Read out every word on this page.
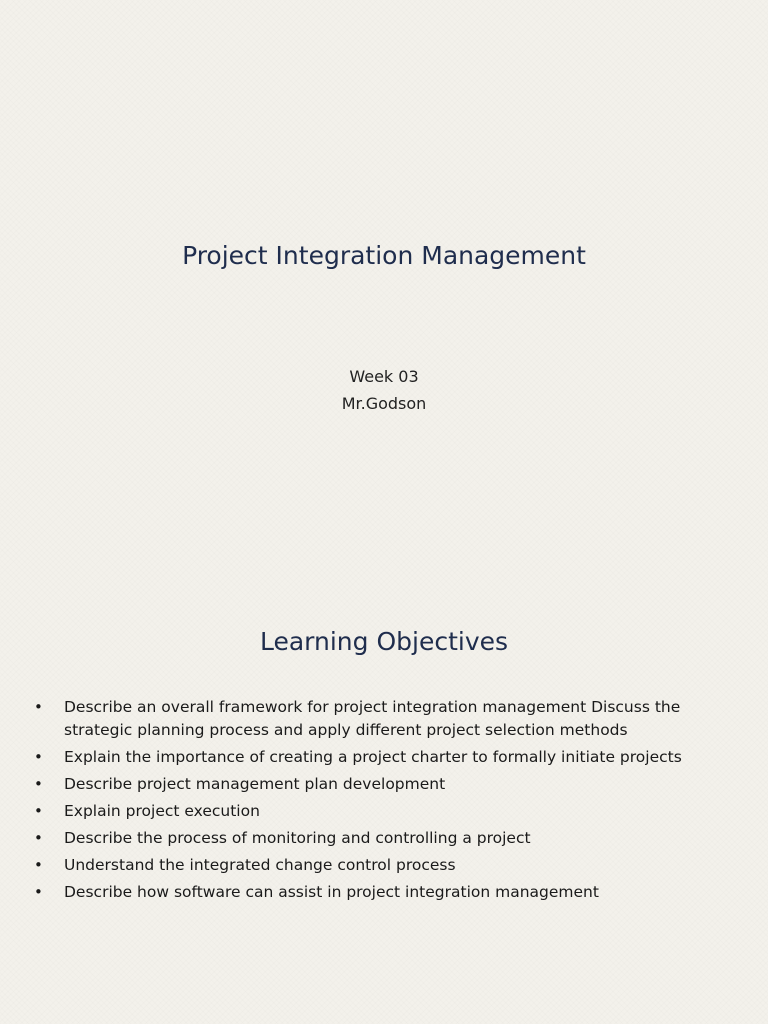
Project Integration Management
Week 03
Mr.Godson
Learning Objectives
• Describe an overall framework for project integration management Discuss the strategic planning process and apply different project selection methods
• Explain the importance of creating a project charter to formally initiate projects
• Describe project management plan development
• Explain project execution
• Describe the process of monitoring and controlling a project
• Understand the integrated change control process
• Describe how software can assist in project integration management
